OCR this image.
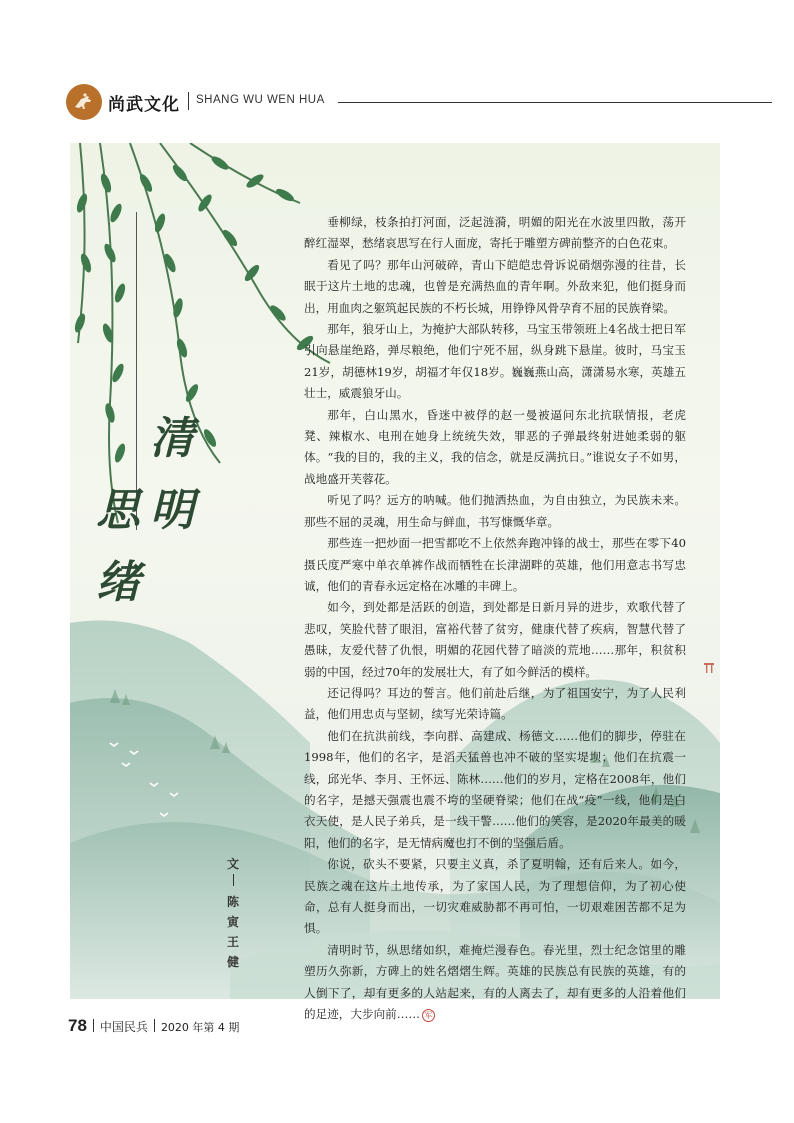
尚武文化 SHANG WU WEN HUA
清
明
思
绪
文
陈
寅
王
健

垂柳绿，枝条拍打河面，泛起涟漪，明媚的阳光在水波里四散，荡开醉红湿翠，愁绪哀思写在行人面庞，寄托于雕塑方碑前整齐的白色花束。

看见了吗？那年山河破碎，青山下皑皑忠骨诉说硝烟弥漫的往昔，长眠于这片土地的忠魂，也曾是充满热血的青年啊。外敌来犯，他们挺身而出，用血肉之躯筑起民族的不朽长城，用铮铮风骨孕育不屈的民族脊梁。

那年，狼牙山上，为掩护大部队转移，马宝玉带领班上4名战士把日军引向悬崖绝路，弹尽粮绝，他们宁死不屈，纵身跳下悬崖。彼时，马宝玉21岁，胡德林19岁，胡福才年仅18岁。巍巍燕山高，潇潇易水寒，英雄五壮士，威震狼牙山。

那年，白山黑水，昏迷中被俘的赵一曼被逼问东北抗联情报，老虎凳、辣椒水、电刑在她身上统统失效，罪恶的子弹最终射进她柔弱的躯体。“我的目的，我的主义，我的信念，就是反满抗日。”谁说女子不如男，战地盛开芙蓉花。

听见了吗？远方的呐喊。他们抛洒热血，为自由独立，为民族未来。那些不屈的灵魂，用生命与鲜血，书写慷慨华章。

那些连一把炒面一把雪都吃不上依然奔跑冲锋的战士，那些在零下40摄氏度严寒中单衣单裤作战而牺牲在长津湖畔的英雄，他们用意志书写忠诚，他们的青春永远定格在冰雕的丰碑上。

如今，到处都是活跃的创造，到处都是日新月异的进步，欢歌代替了悲叹，笑脸代替了眼泪，富裕代替了贫穷，健康代替了疾病，智慧代替了愚昧，友爱代替了仇恨，明媚的花园代替了暗淡的荒地……那年，积贫积弱的中国，经过70年的发展壮大，有了如今鲜活的模样。

还记得吗？耳边的誓言。他们前赴后继，为了祖国安宁，为了人民利益，他们用忠贞与坚韧，续写光荣诗篇。

他们在抗洪前线，李向群、高建成、杨德文……他们的脚步，停驻在1998年，他们的名字，是滔天猛兽也冲不破的坚实堤坝；他们在抗震一线，邱光华、李月、王怀远、陈林……他们的岁月，定格在2008年，他们的名字，是撼天强震也震不垮的坚硬脊梁；他们在战“疫”一线，他们是白衣天使，是人民子弟兵，是一线干警……他们的笑容，是2020年最美的暖阳，他们的名字，是无情病魔也打不倒的坚强后盾。

你说，砍头不要紧，只要主义真，杀了夏明翰，还有后来人。如今，民族之魂在这片土地传承，为了家国人民，为了理想信仰，为了初心使命，总有人挺身而出，一切灾难威胁都不再可怕，一切艰难困苦都不足为惧。

清明时节，纵思绪如织，难掩烂漫春色。春光里，烈士纪念馆里的雕塑历久弥新，方碑上的姓名熠熠生辉。英雄的民族总有民族的英雄，有的人倒下了，却有更多的人站起来，有的人离去了，却有更多的人沿着他们的足迹，大步向前…… 军

78 中国民兵 2020 年第 4 期
